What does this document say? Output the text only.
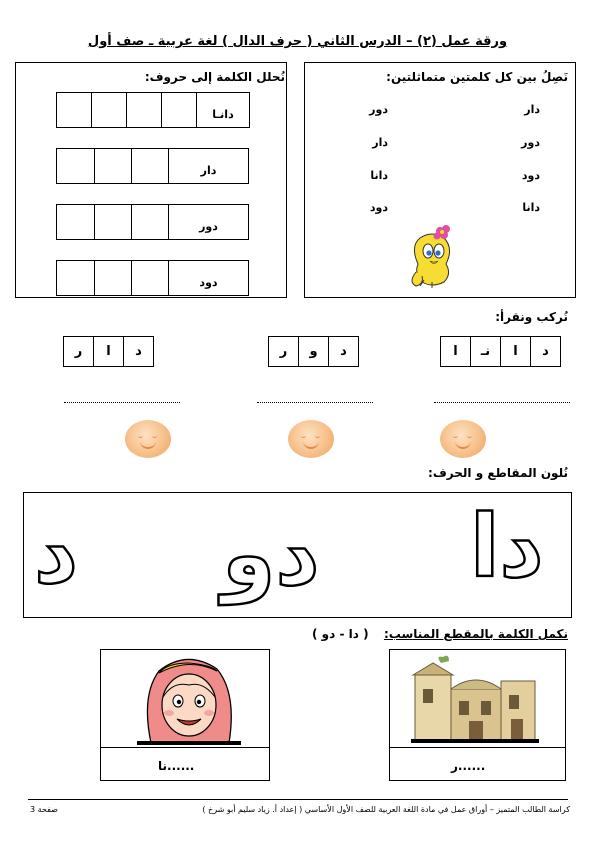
ورقة عمل (٢) – الدرس الثاني ( حرف الدال ) لغة عربية ـ صف أول
نَصِلُ بين كل كلمتين متماثلتين:
دار
دور
دود
دانا
دور
دار
دانا
دود
نُحلل الكلمة إلى حروف:
دانـا
دار
دور
دود
نُركب ونقرأ:
د
ا
نـ
ا
د
و
ر
د
ا
ر
نُلون المقاطع و الحرف:
دا
دو
د
نكمل الكلمة بالمقطع المناسب:
( دا - دو )
......ر
......نا
كراسة الطالب المتميز – أوراق عمل في مادة اللغة العربية للصف الأول الأساسي ( إعداد أ. زياد سليم أبو شرخ )
صفحة 3
